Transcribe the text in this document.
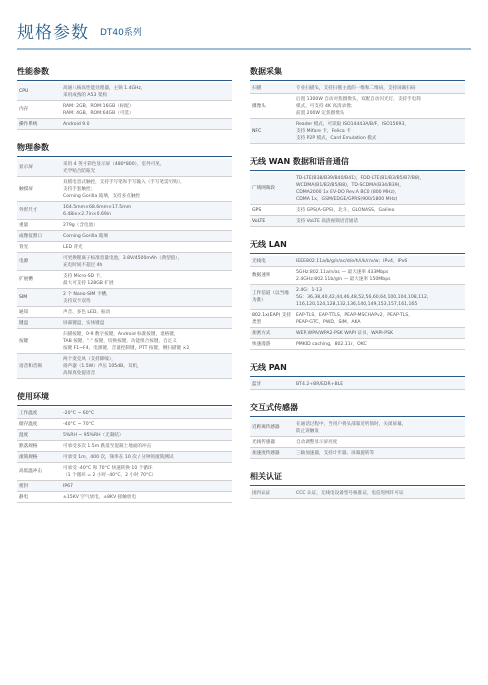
规格参数 DT40系列
性能参数
CPU	高通八核高性能处理器，主频 1.4GHz，
采用成熟的 A53 架构

内存	RAM: 2GB，ROM:16GB（标配）
RAM: 4GB，ROM:64GB（可选）

操作系统	Android 9.0
物理参数
显示屏	采用 4 英寸彩色显示屏（480*800），室外可见，
光学贴合防眩光

触摸屏	双模电容式触控，支持手写笔和手写输入（手写笔需另购），
支持手套触控；
Corning Gorilla 玻璃，支持多点触控

外形尺寸	164.5mm×68.6mm×17.5mm
6.48in×2.7in×0.69in

重量	279g（含电池）

成像仪窗口	Corning Gorilla 玻璃

背光	LED 背光

电源	可更换锂离子标准容量电池，3.8V/4500mAh（典型值），
充电时间不超过 4h

扩展槽	支持 Micro-SD 卡，
最大可支持 128GB 扩展

SIM	2 个 Nano-SIM 卡槽，
支持双卡双待

通知	声音、多色 LED、振动

键盘	屏幕键盘，实体键盘

按键	扫描按键，0-9 数字按键，Android 标准按键，退格键，
TAB 按键，"." 按键，切换按键，功能组合按键，自定义
按键 F1~F4，电源键，音量控制键，PTT 按键，侧扫描键 ×2

语音和音频	两个麦克风（支持降噪），
扬声器（1.5W）声压 105dB，耳机，
高保真免提语音
使用环境
工作温度	-20°C ~ 60°C

储存温度	-40°C ~ 70°C

湿度	5%RH ~ 95%RH（无凝结）

跌落规格	可承受多次 1.5m 跌落至混凝土地面的冲击

滚筒规格	可承受 1m，400 次，频率在 10 次 / 分钟的滚筒测试

高低温冲击	可承受 -40°C 和 70°C 快速转换 10 个循环
（1 个循环 = 2 小时 -40°C，2 小时 70°C）

密封	IP67

静电	±15KV 空气放电，±8KV 接触放电
数据采集
扫描	专业扫描头，支持扫描主流的一维和二维码，支持屏幕扫码

摄像头	后置 1300W 自动对焦摄像头，双配自动闪光灯，支持手电筒
模式，可支持 4K 高清录像；
前置 200W 定焦摄像头

NFC	Reader 模式，可读取 ISO14443A/B/F，ISO15693，
支持 Mifare 卡，Felica 卡
支持 P2P 模式，Card Emulation 模式
无线 WAN 数据和语音通信
广域网频段	TD-LTE(B38/B39/B40/B41)，FDD-LTE(B1/B3/B5/B7/B8)，
WCDMA(B1/B2/B5/B8)，TD-SCDMA(B34/B39)，
CDMA2000 1x EV-DO Rev.A BC0 (800 MHz)，
CDMA 1x，GSM/EDGE/GPRS(900/1800 MHz)

GPS	支持 GPS(A-GPS)，北斗，GLONASS，Galileo

VoLTE	支持 VoLTE 高清视频语音通话
无线 LAN
无线电	IEEE802.11a/b/g/n/ac/d/e/h/i/k/r/v/w；IPv4，IPv6

数据速率	5GHz:802.11a/n/ac — 最大速率 433Mbps
2.4GHz:802.11b/g/n — 最大速率 150Mbps

工作信道（以当地为准）	2.4G：1-13
5G：36,38,40,42,44,46,48,52,56,60,64,100,104,108,112,
116,120,124,128,132,136,140,149,153,157,161,165

802.1x(EAP) 支持类型	EAP-TLS，EAP-TTLS，PEAP-MSCHAPv2，PEAP-TLS，
PEAP-GTC，PWD，SIM，AKA

加密方式	WEP,WPA/WPA2-PSK WAPI 证书，WAPI-PSK

快速漫游	PMKID caching，802.11r，OKC
无线 PAN
蓝牙	BT4.2+BR/EDR+BLE
交互式传感器
近距离传感器	在通话过程中，当用户将头部靠近听筒时，关闭屏幕，
防止误触发

光线传感器	自动调整显示屏亮度

加速度传感器	三轴加速器，支持计步器，屏幕旋转等
相关认证
国内认证	CCC 认证，无线电设备型号核准证，电信进网许可证
